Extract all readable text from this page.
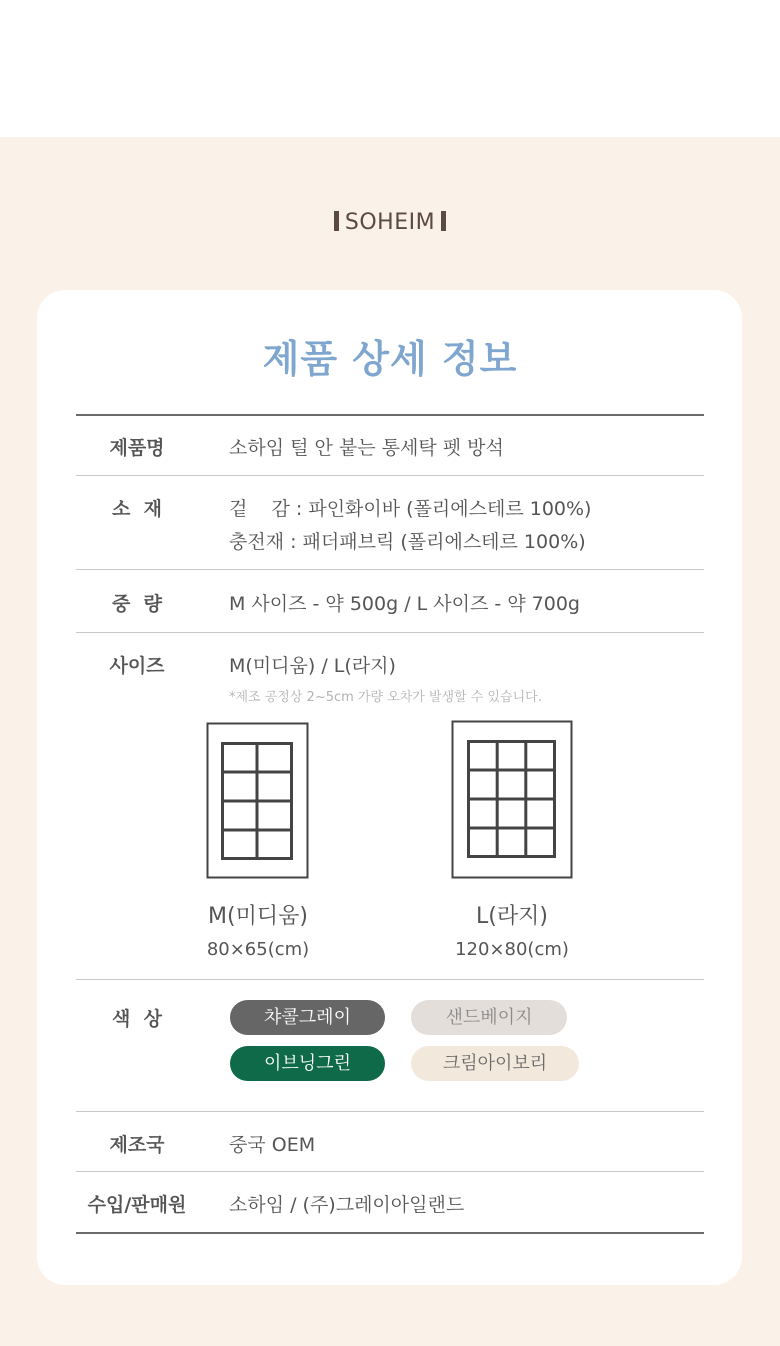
SOHEIM
제품 상세 정보
제품명	소하임 털 안 붙는 통세탁 펫 방석
소  재	겉    감 : 파인화이바 (폴리에스테르 100%)
충전재 : 패더패브릭 (폴리에스테르 100%)
중  량	M 사이즈 - 약 500g / L 사이즈 - 약 700g
사이즈	M(미디움) / L(라지)
*제조 공정상 2~5cm 가량 오차가 발생할 수 있습니다.
M(미디움)
80×65(cm)
L(라지)
120×80(cm)
색  상	챠콜그레이	샌드베이지
이브닝그린	크림아이보리
제조국	중국 OEM
수입/판매원	소하임 / (주)그레이아일랜드
